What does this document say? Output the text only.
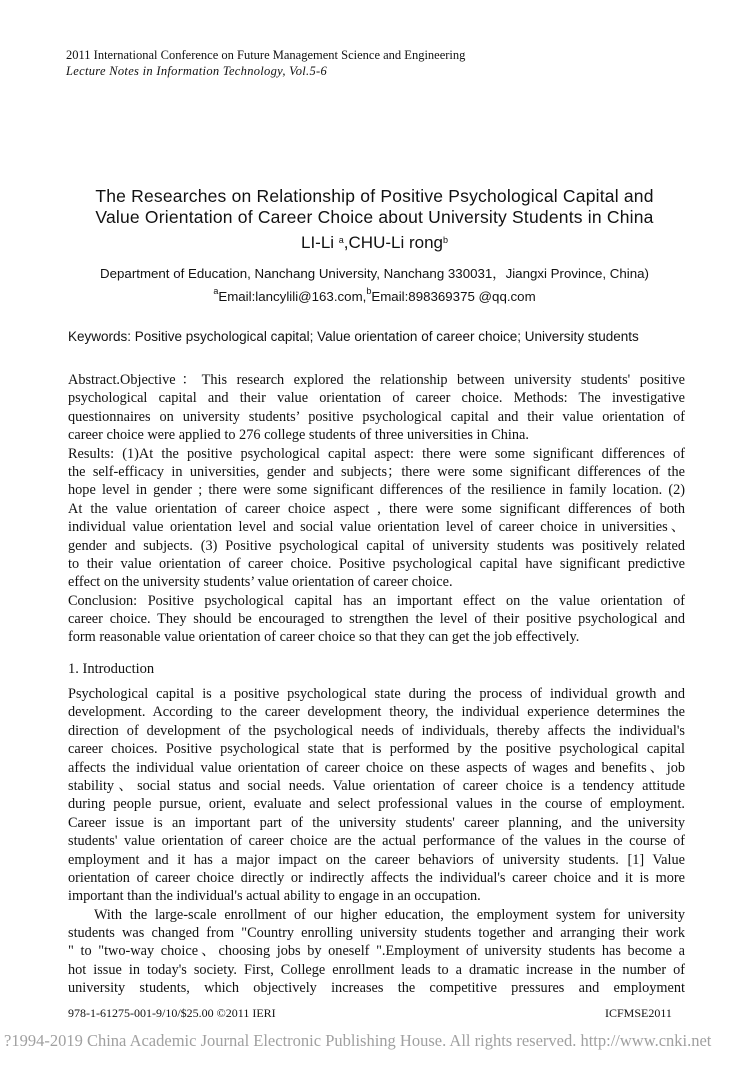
2011 International Conference on Future Management Science and Engineering
Lecture Notes in Information Technology, Vol.5-6
The Researches on Relationship of Positive Psychological Capital and
Value Orientation of Career Choice about University Students in China
LI-Li $^a$,CHU-Li rong$^b$
Department of Education, Nanchang University, Nanchang 330031，Jiangxi Province, China)
$^a$Email:lancylili@163.com,$^b$Email:898369375 @qq.com
Keywords: Positive psychological capital; Value orientation of career choice; University students
Abstract.Objective：This research explored the relationship between university students' positive
psychological capital and their value orientation of career choice. Methods: The investigative
questionnaires on university students’ positive psychological capital and their value orientation of
career choice were applied to 276 college students of three universities in China.
Results: (1)At the positive psychological capital aspect: there were some significant differences of
the self-efficacy in universities, gender and subjects；there were some significant differences of the
hope level in gender ; there were some significant differences of the resilience in family location. (2)
At the value orientation of career choice aspect , there were some significant differences of both
individual value orientation level and social value orientation level of career choice in universities、
gender and subjects. (3) Positive psychological capital of university students was positively related
to their value orientation of career choice. Positive psychological capital have significant predictive
effect on the university students’ value orientation of career choice.
Conclusion: Positive psychological capital has an important effect on the value orientation of
career choice. They should be encouraged to strengthen the level of their positive psychological and
form reasonable value orientation of career choice so that they can get the job effectively.
1. Introduction
Psychological capital is a positive psychological state during the process of individual growth and
development. According to the career development theory, the individual experience determines the
direction of development of the psychological needs of individuals, thereby affects the individual's
career choices. Positive psychological state that is performed by the positive psychological capital
affects the individual value orientation of career choice on these aspects of wages and benefits、job
stability、social status and social needs. Value orientation of career choice is a tendency attitude
during people pursue, orient, evaluate and select professional values in the course of employment.
Career issue is an important part of the university students' career planning, and the university
students' value orientation of career choice are the actual performance of the values in the course of
employment and it has a major impact on the career behaviors of university students. [1] Value
orientation of career choice directly or indirectly affects the individual's career choice and it is more
important than the individual's actual ability to engage in an occupation.
With the large-scale enrollment of our higher education, the employment system for university
students was changed from "Country enrolling university students together and arranging their work
" to "two-way choice、choosing jobs by oneself ".Employment of university students has become a
hot issue in today's society. First, College enrollment leads to a dramatic increase in the number of
university students, which objectively increases the competitive pressures and employment
978-1-61275-001-9/10/$25.00 ©2011 IERI	ICFMSE2011
?1994-2019 China Academic Journal Electronic Publishing House. All rights reserved. http://www.cnki.net
